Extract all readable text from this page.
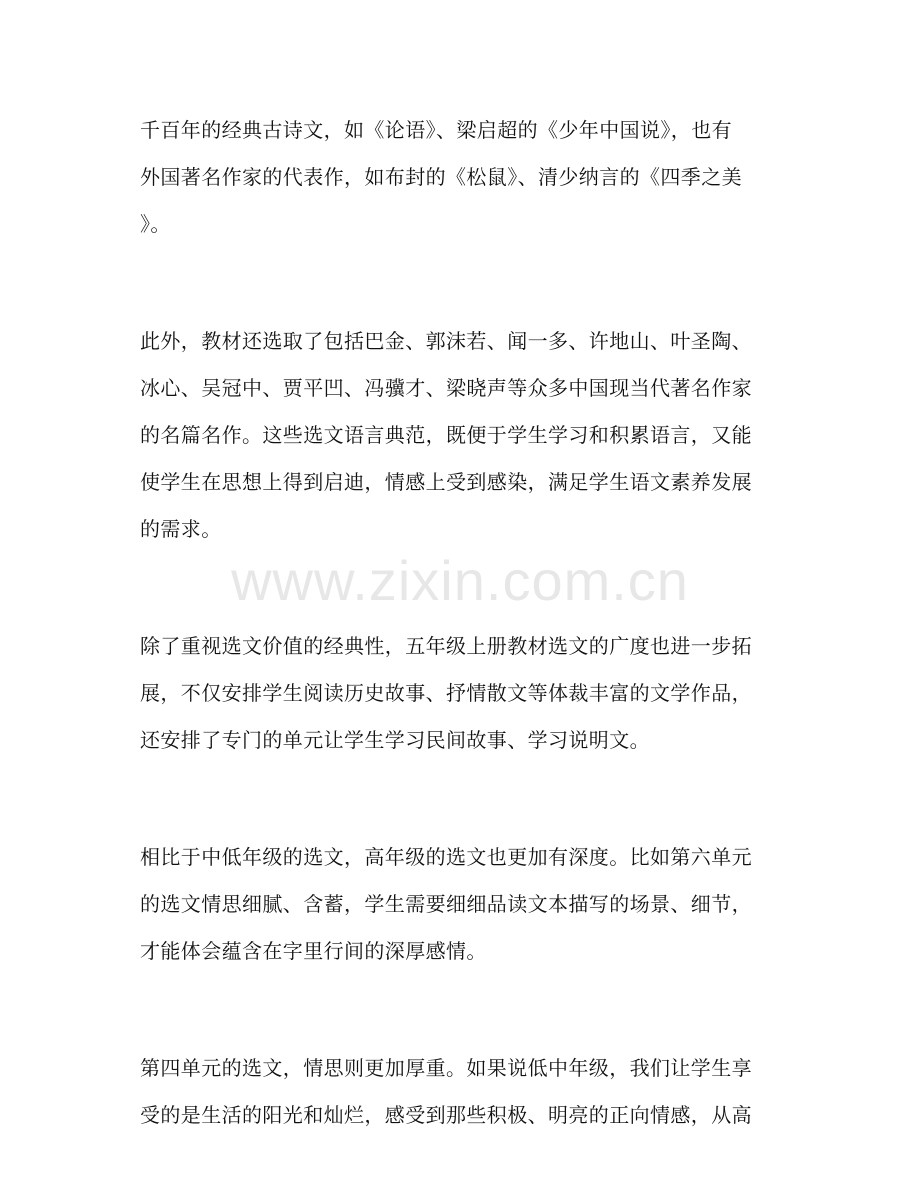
千百年的经典古诗文，如《论语》、梁启超的《少年中国说》，也有
外国著名作家的代表作，如布封的《松鼠》、清少纳言的《四季之美
》。

此外，教材还选取了包括巴金、郭沫若、闻一多、许地山、叶圣陶、
冰心、吴冠中、贾平凹、冯骥才、梁晓声等众多中国现当代著名作家
的名篇名作。这些选文语言典范，既便于学生学习和积累语言，又能
使学生在思想上得到启迪，情感上受到感染，满足学生语文素养发展
的需求。

除了重视选文价值的经典性，五年级上册教材选文的广度也进一步拓
展，不仅安排学生阅读历史故事、抒情散文等体裁丰富的文学作品，
还安排了专门的单元让学生学习民间故事、学习说明文。

相比于中低年级的选文，高年级的选文也更加有深度。比如第六单元
的选文情思细腻、含蓄，学生需要细细品读文本描写的场景、细节，
才能体会蕴含在字里行间的深厚感情。

第四单元的选文，情思则更加厚重。如果说低中年级，我们让学生享
受的是生活的阳光和灿烂，感受到那些积极、明亮的正向情感，从高

www.zixin.com.cn
